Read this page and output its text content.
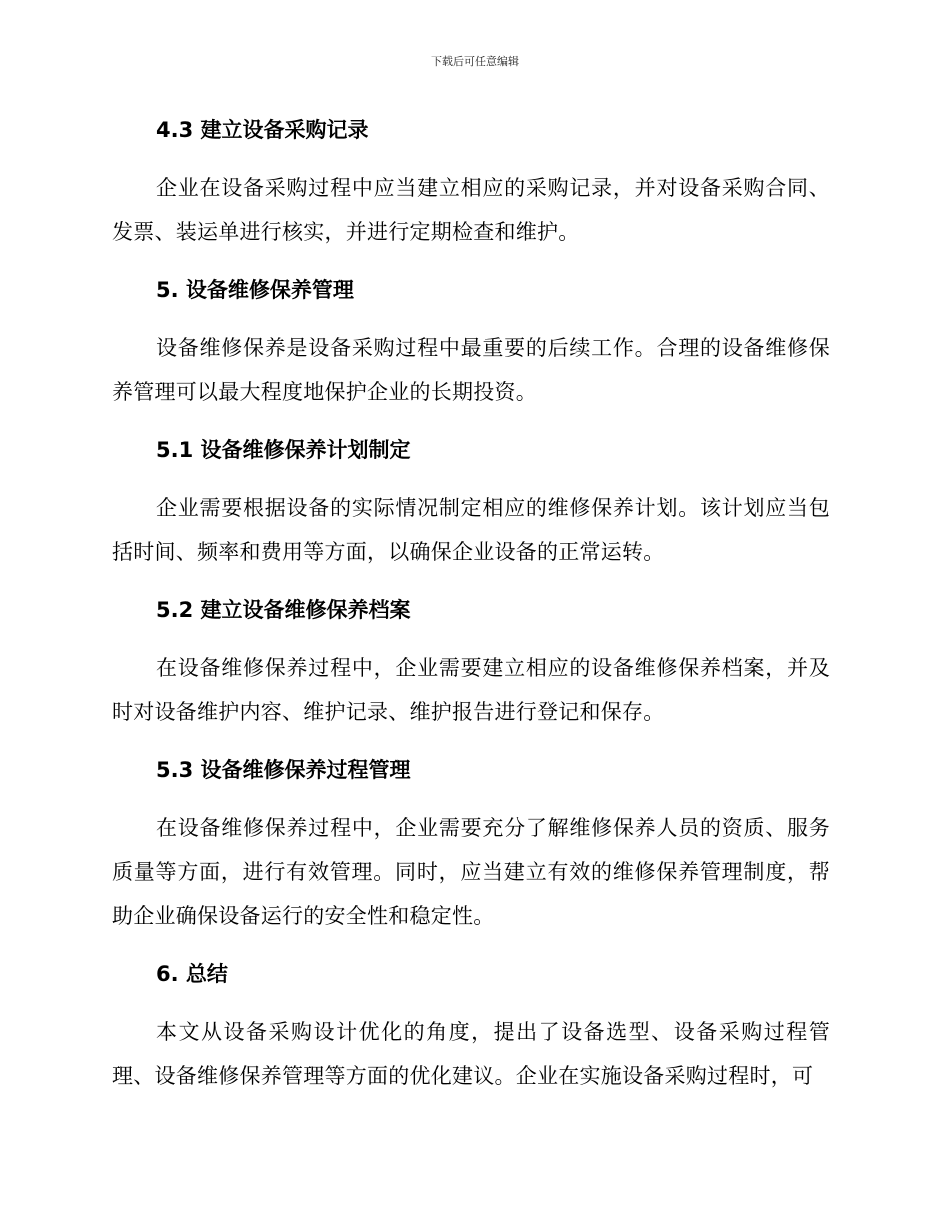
下载后可任意编辑
4.3 建立设备采购记录

企业在设备采购过程中应当建立相应的采购记录，并对设备采购合同、发票、装运单进行核实，并进行定期检查和维护。

5. 设备维修保养管理

设备维修保养是设备采购过程中最重要的后续工作。合理的设备维修保养管理可以最大程度地保护企业的长期投资。

5.1 设备维修保养计划制定

企业需要根据设备的实际情况制定相应的维修保养计划。该计划应当包括时间、频率和费用等方面，以确保企业设备的正常运转。

5.2 建立设备维修保养档案

在设备维修保养过程中，企业需要建立相应的设备维修保养档案，并及时对设备维护内容、维护记录、维护报告进行登记和保存。

5.3 设备维修保养过程管理

在设备维修保养过程中，企业需要充分了解维修保养人员的资质、服务质量等方面，进行有效管理。同时，应当建立有效的维修保养管理制度，帮助企业确保设备运行的安全性和稳定性。

6. 总结

本文从设备采购设计优化的角度，提出了设备选型、设备采购过程管理、设备维修保养管理等方面的优化建议。企业在实施设备采购过程时，可
